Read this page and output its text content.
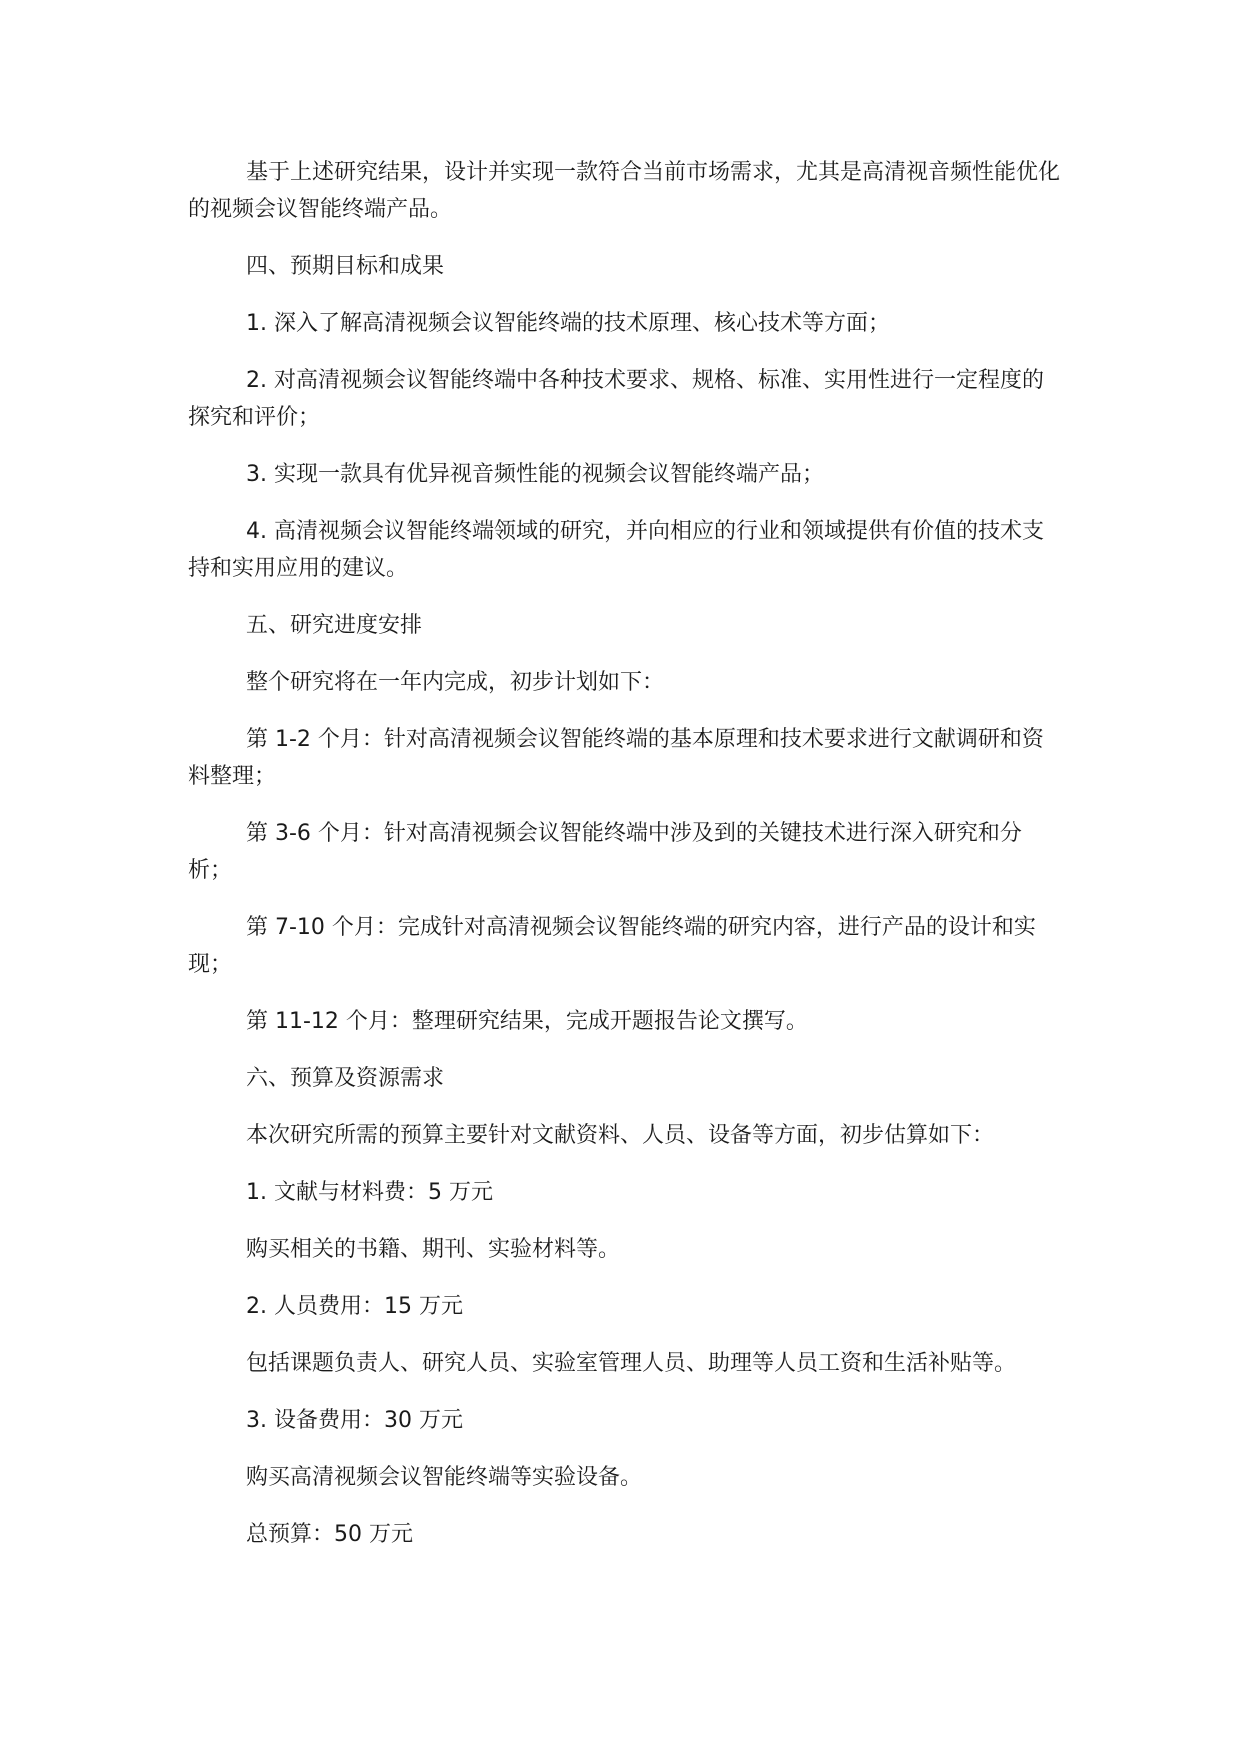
基于上述研究结果，设计并实现一款符合当前市场需求，尤其是高清视音频性能优化的视频会议智能终端产品。

四、预期目标和成果

1. 深入了解高清视频会议智能终端的技术原理、核心技术等方面；

2. 对高清视频会议智能终端中各种技术要求、规格、标准、实用性进行一定程度的探究和评价；

3. 实现一款具有优异视音频性能的视频会议智能终端产品；

4. 高清视频会议智能终端领域的研究，并向相应的行业和领域提供有价值的技术支持和实用应用的建议。

五、研究进度安排

整个研究将在一年内完成，初步计划如下：

第 1-2 个月：针对高清视频会议智能终端的基本原理和技术要求进行文献调研和资料整理；

第 3-6 个月：针对高清视频会议智能终端中涉及到的关键技术进行深入研究和分析；

第 7-10 个月：完成针对高清视频会议智能终端的研究内容，进行产品的设计和实现；

第 11-12 个月：整理研究结果，完成开题报告论文撰写。

六、预算及资源需求

本次研究所需的预算主要针对文献资料、人员、设备等方面，初步估算如下：

1. 文献与材料费：5 万元

购买相关的书籍、期刊、实验材料等。

2. 人员费用：15 万元

包括课题负责人、研究人员、实验室管理人员、助理等人员工资和生活补贴等。

3. 设备费用：30 万元

购买高清视频会议智能终端等实验设备。

总预算：50 万元
